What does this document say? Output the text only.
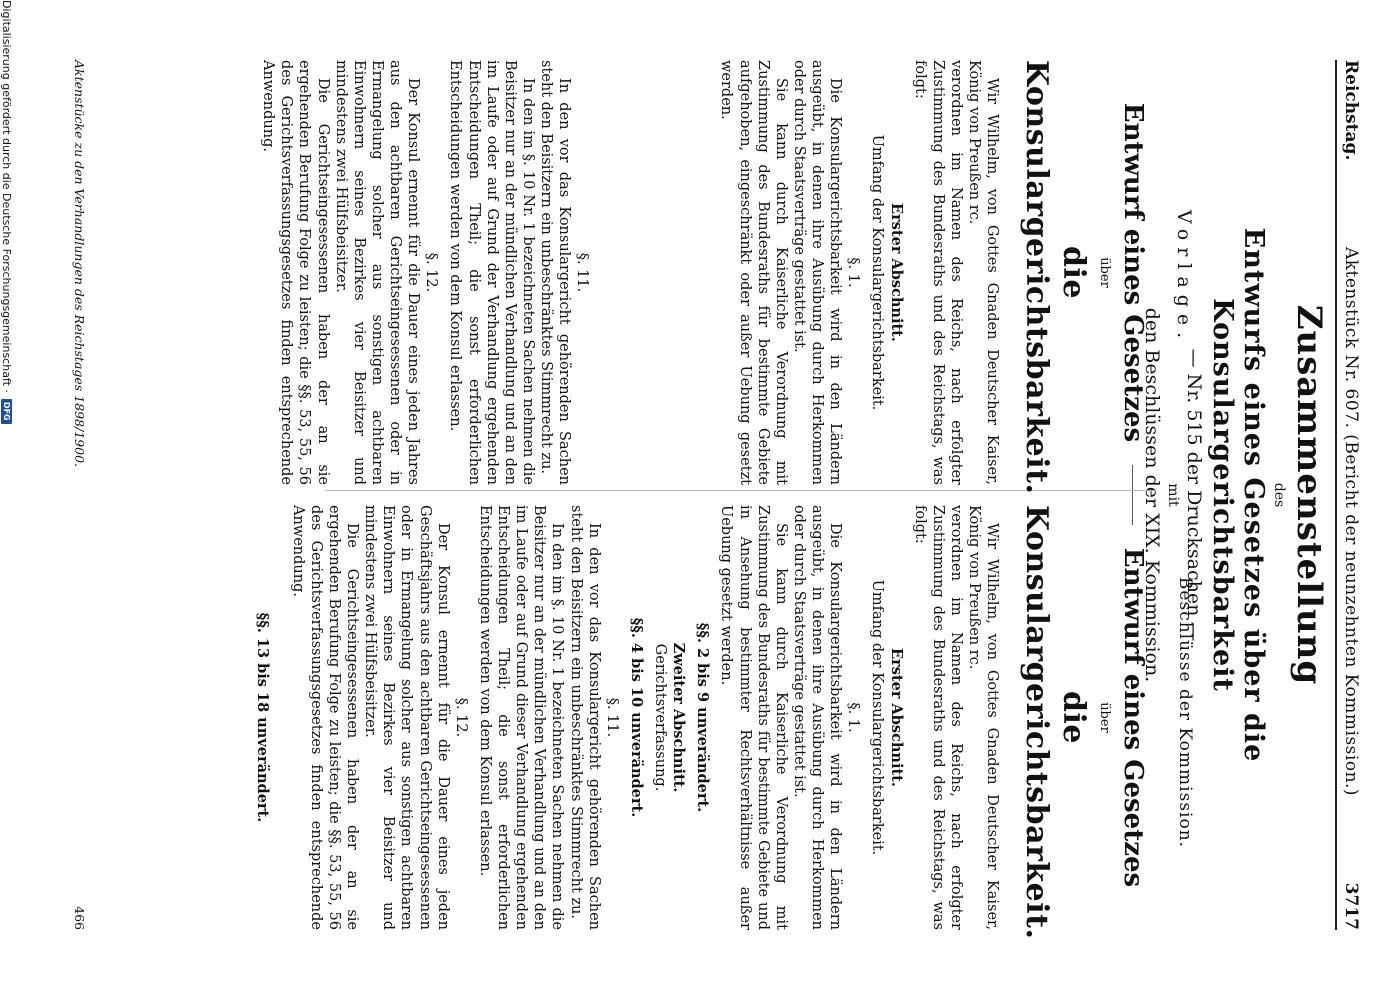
Reichstag.
Aktenstück Nr. 607. (Bericht der neunzehnten Kommission.)
3717
Zusammenstellung
des
Entwurfs eines Gesetzes über die Konsulargerichtsbarkeit
— Nr. 515 der Drucksachen —
mit
den Beschlüssen der XIX. Kommission.
Vorlage.
Beschlüsse der Kommission.
Entwurf eines Gesetzes
über
die Konsulargerichtsbarkeit.

Wir Wilhelm, von Gottes Gnaden Deutscher Kaiser, König von Preußen rc.

verordnen im Namen des Reichs, nach erfolgter Zustimmung des Bundesraths und des Reichstags, was folgt:

Erster Abschnitt.
Umfang der Konsulargerichtsbarkeit.
§. 1.

Die Konsulargerichtsbarkeit wird in den Ländern ausgeübt, in denen ihre Ausübung durch Herkommen oder durch Staatsverträge gestattet ist.

Sie kann durch Kaiserliche Verordnung mit Zustimmung des Bundesraths für bestimmte Gebiete aufgehoben, eingeschränkt oder außer Uebung gesetzt werden.

§. 11.

In den vor das Konsulargericht gehörenden Sachen steht den Beisitzern ein unbeschränktes Stimmrecht zu.

In den im §. 10 Nr. 1 bezeichneten Sachen nehmen die Beisitzer nur an der mündlichen Verhandlung und an den im Laufe oder auf Grund der Verhandlung ergehenden Entscheidungen Theil; die sonst erforderlichen Entscheidungen werden von dem Konsul erlassen.

§. 12.

Der Konsul ernennt für die Dauer eines jeden Jahres aus den achtbaren Gerichtseingesessenen oder in Ermangelung solcher aus sonstigen achtbaren Einwohnern seines Bezirkes vier Beisitzer und mindestens zwei Hülfsbeisitzer.

Die Gerichtseingesessenen haben der an sie ergehenden Berufung Folge zu leisten; die §§. 53, 55, 56 des Gerichtsverfassungsgesetzes finden entsprechende Anwendung.

Entwurf eines Gesetzes
über
die Konsulargerichtsbarkeit.

Wir Wilhelm, von Gottes Gnaden Deutscher Kaiser, König von Preußen rc.

verordnen im Namen des Reichs, nach erfolgter Zustimmung des Bundesraths und des Reichstags, was folgt:

Erster Abschnitt.
Umfang der Konsulargerichtsbarkeit.
§. 1.

Die Konsulargerichtsbarkeit wird in den Ländern ausgeübt, in denen ihre Ausübung durch Herkommen oder durch Staatsverträge gestattet ist.

Sie kann durch Kaiserliche Verordnung mit Zustimmung des Bundesraths für bestimmte Gebiete und in Ansehung bestimmter Rechtsverhältnisse außer Uebung gesetzt werden.

§§. 2 bis 9 unverändert.
Zweiter Abschnitt.
Gerichtsverfassung.
§§. 4 bis 10 unverändert.
§. 11.

In den vor das Konsulargericht gehörenden Sachen steht den Beisitzern ein unbeschränktes Stimmrecht zu.

In den im §. 10 Nr. 1 bezeichneten Sachen nehmen die Beisitzer nur an der mündlichen Verhandlung und an den im Laufe oder auf Grund dieser Verhandlung ergehenden Entscheidungen Theil; die sonst erforderlichen Entscheidungen werden von dem Konsul erlassen.

§. 12.

Der Konsul ernennt für die Dauer eines jeden Geschäftsjahrs aus den achtbaren Gerichtseingesessenen oder in Ermangelung solcher aus sonstigen achtbaren Einwohnern seines Bezirkes vier Beisitzer und mindestens zwei Hülfsbeisitzer.

Die Gerichtseingesessenen haben der an sie ergehenden Berufung Folge zu leisten; die §§. 53, 55, 56 des Gerichtsverfassungsgesetzes finden entsprechende Anwendung.

§§. 13 bis 18 unverändert.
Aktenstücke zu den Verhandlungen des Reichstages 1898/1900.
466
Digitalisierung gefördert durch die Deutsche Forschungsgemeinschaft ·
DFG
